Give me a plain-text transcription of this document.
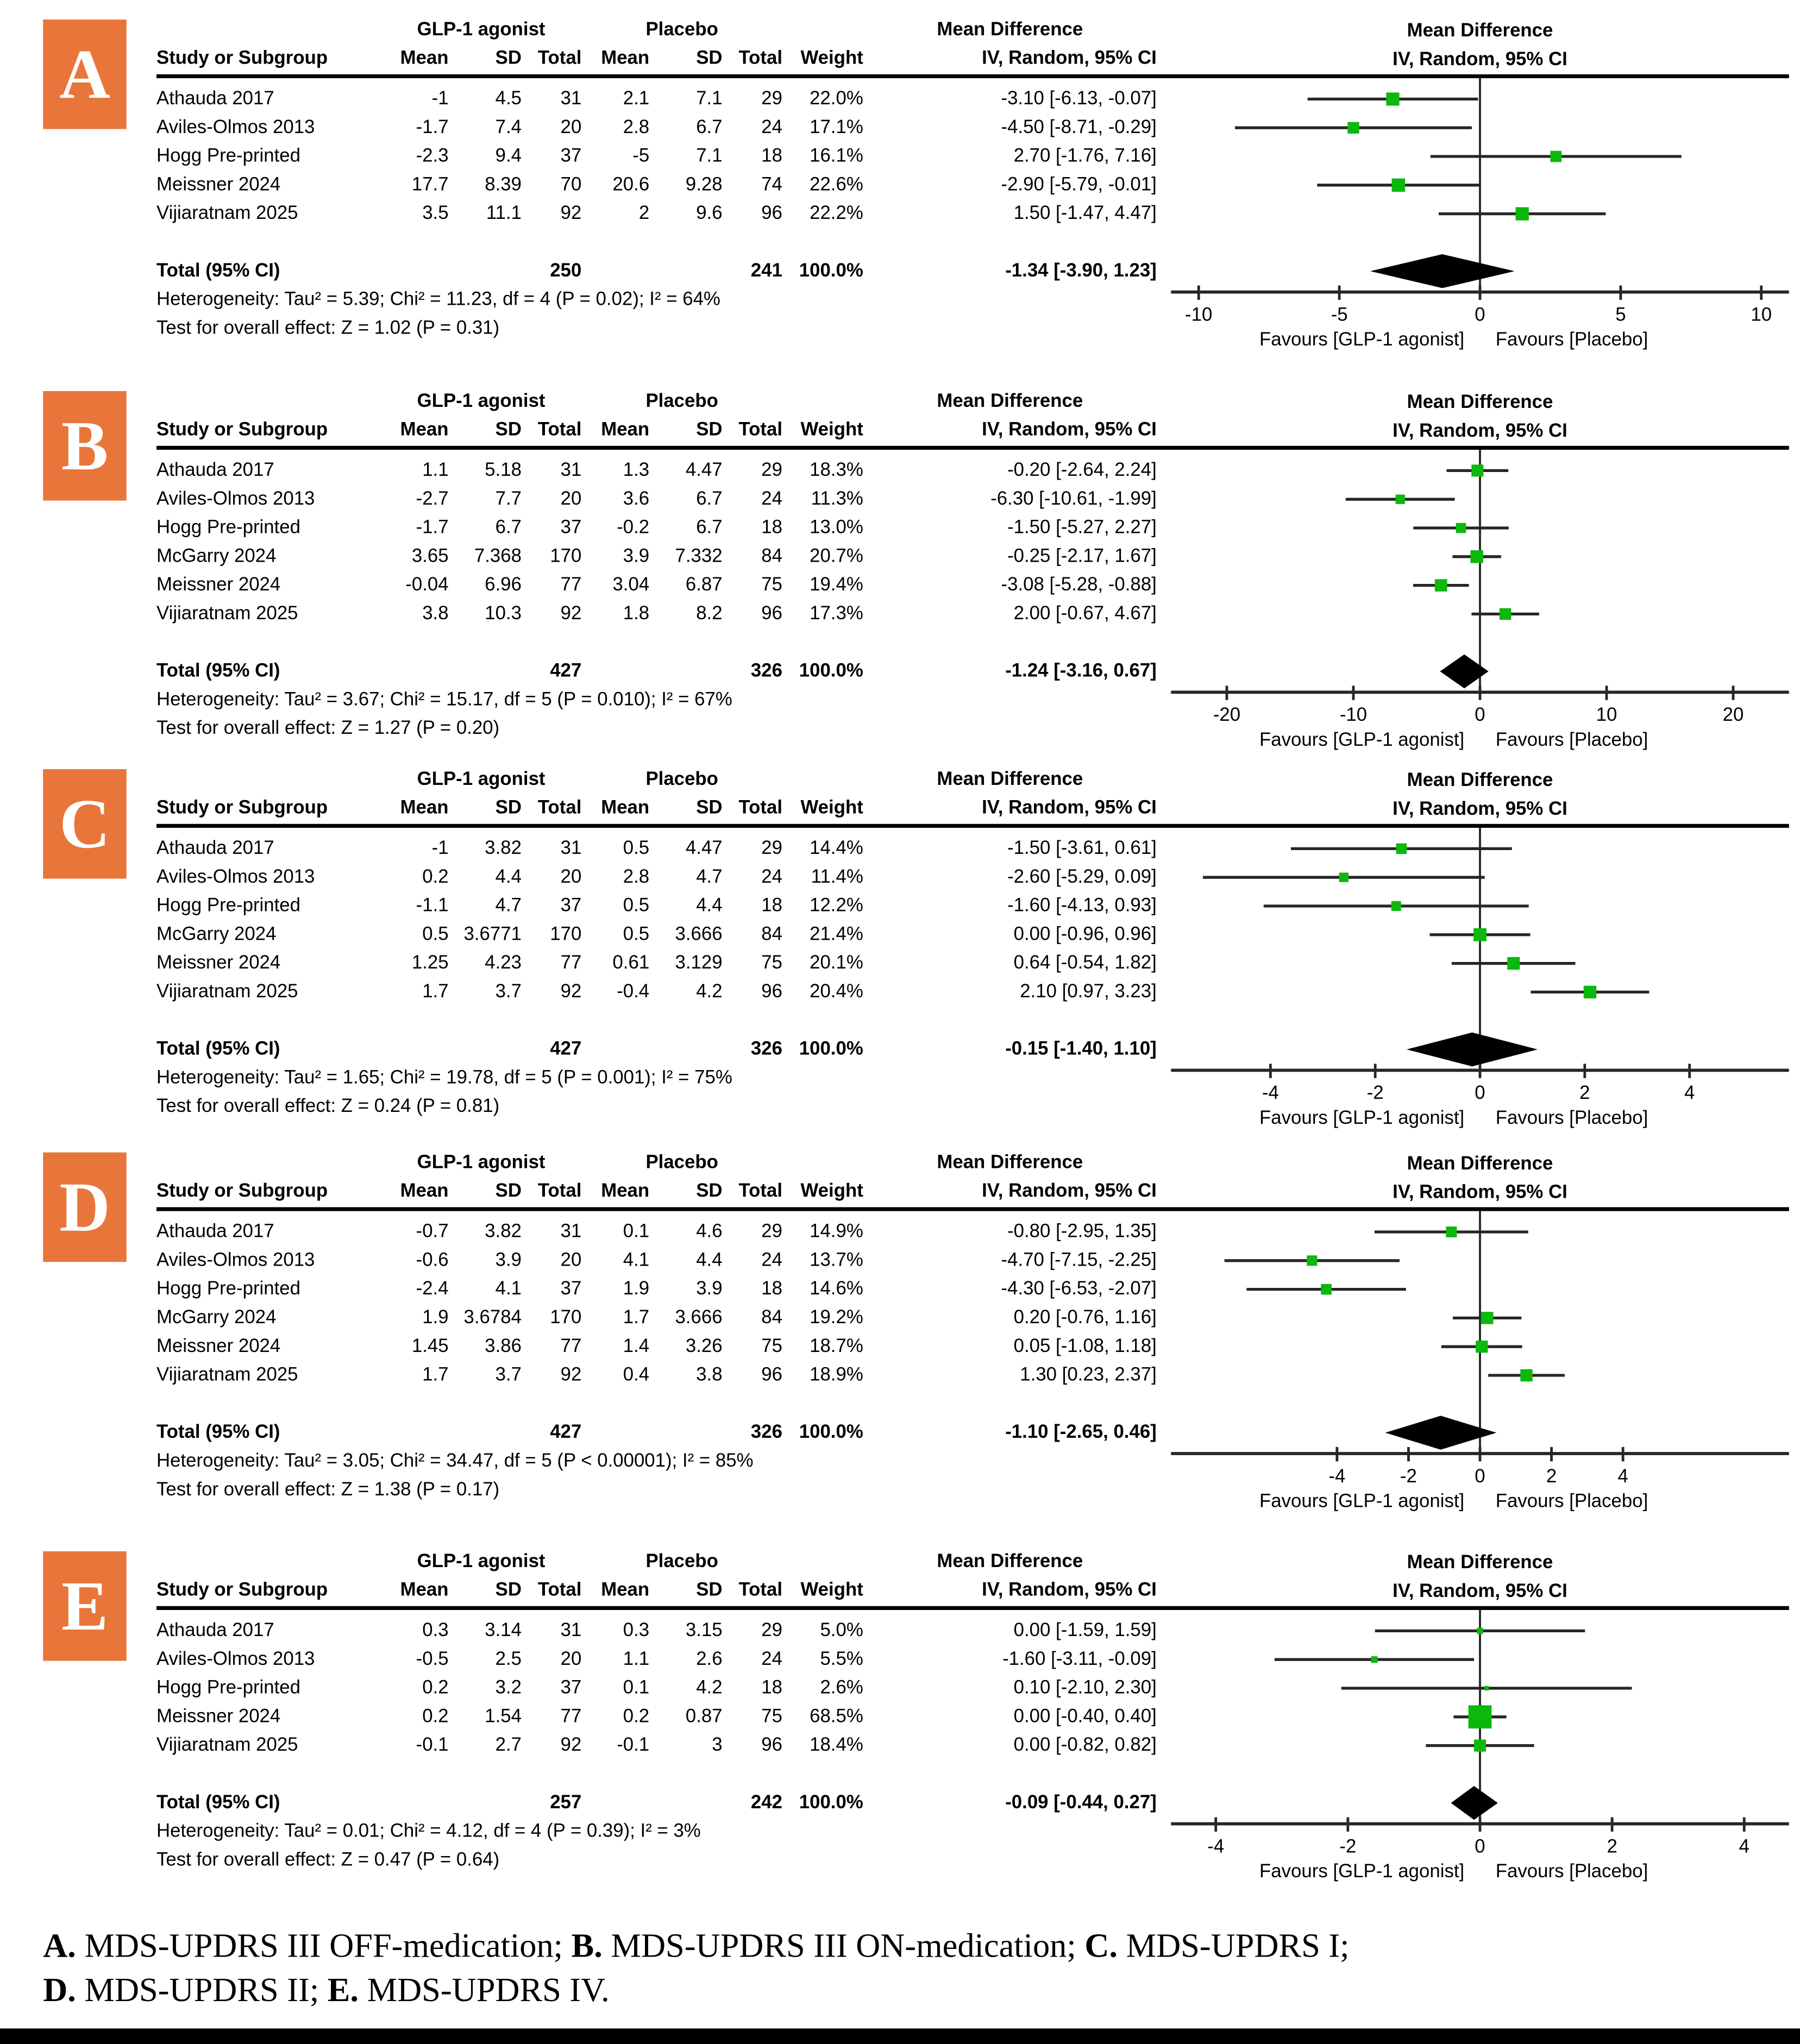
A
GLP-1 agonist	Placebo	Mean Difference
Study or Subgroup	Mean	SD	Total	Mean	SD	Total	Weight	IV, Random, 95% CI
Athauda 2017	-1	4.5	31	2.1	7.1	29	22.0%	-3.10 [-6.13, -0.07]
Aviles-Olmos 2013	-1.7	7.4	20	2.8	6.7	24	17.1%	-4.50 [-8.71, -0.29]
Hogg Pre-printed	-2.3	9.4	37	-5	7.1	18	16.1%	2.70 [-1.76, 7.16]
Meissner 2024	17.7	8.39	70	20.6	9.28	74	22.6%	-2.90 [-5.79, -0.01]
Vijiaratnam 2025	3.5	11.1	92	2	9.6	96	22.2%	1.50 [-1.47, 4.47]
Total (95% CI)	250	241	100.0%	-1.34 [-3.90, 1.23]
Heterogeneity: Tau² = 5.39; Chi² = 11.23, df = 4 (P = 0.02); I² = 64%
Test for overall effect: Z = 1.02 (P = 0.31)
Mean Difference
IV, Random, 95% CI
-10	-5	0	5	10
Favours [GLP-1 agonist]	Favours [Placebo]
B
GLP-1 agonist	Placebo	Mean Difference
Study or Subgroup	Mean	SD	Total	Mean	SD	Total	Weight	IV, Random, 95% CI
Athauda 2017	1.1	5.18	31	1.3	4.47	29	18.3%	-0.20 [-2.64, 2.24]
Aviles-Olmos 2013	-2.7	7.7	20	3.6	6.7	24	11.3%	-6.30 [-10.61, -1.99]
Hogg Pre-printed	-1.7	6.7	37	-0.2	6.7	18	13.0%	-1.50 [-5.27, 2.27]
McGarry 2024	3.65	7.368	170	3.9	7.332	84	20.7%	-0.25 [-2.17, 1.67]
Meissner 2024	-0.04	6.96	77	3.04	6.87	75	19.4%	-3.08 [-5.28, -0.88]
Vijiaratnam 2025	3.8	10.3	92	1.8	8.2	96	17.3%	2.00 [-0.67, 4.67]
Total (95% CI)	427	326	100.0%	-1.24 [-3.16, 0.67]
Heterogeneity: Tau² = 3.67; Chi² = 15.17, df = 5 (P = 0.010); I² = 67%
Test for overall effect: Z = 1.27 (P = 0.20)
Mean Difference
IV, Random, 95% CI
-20	-10	0	10	20
Favours [GLP-1 agonist]	Favours [Placebo]
C
GLP-1 agonist	Placebo	Mean Difference
Study or Subgroup	Mean	SD	Total	Mean	SD	Total	Weight	IV, Random, 95% CI
Athauda 2017	-1	3.82	31	0.5	4.47	29	14.4%	-1.50 [-3.61, 0.61]
Aviles-Olmos 2013	0.2	4.4	20	2.8	4.7	24	11.4%	-2.60 [-5.29, 0.09]
Hogg Pre-printed	-1.1	4.7	37	0.5	4.4	18	12.2%	-1.60 [-4.13, 0.93]
McGarry 2024	0.5	3.6771	170	0.5	3.666	84	21.4%	0.00 [-0.96, 0.96]
Meissner 2024	1.25	4.23	77	0.61	3.129	75	20.1%	0.64 [-0.54, 1.82]
Vijiaratnam 2025	1.7	3.7	92	-0.4	4.2	96	20.4%	2.10 [0.97, 3.23]
Total (95% CI)	427	326	100.0%	-0.15 [-1.40, 1.10]
Heterogeneity: Tau² = 1.65; Chi² = 19.78, df = 5 (P = 0.001); I² = 75%
Test for overall effect: Z = 0.24 (P = 0.81)
Mean Difference
IV, Random, 95% CI
-4	-2	0	2	4
Favours [GLP-1 agonist]	Favours [Placebo]
D
GLP-1 agonist	Placebo	Mean Difference
Study or Subgroup	Mean	SD	Total	Mean	SD	Total	Weight	IV, Random, 95% CI
Athauda 2017	-0.7	3.82	31	0.1	4.6	29	14.9%	-0.80 [-2.95, 1.35]
Aviles-Olmos 2013	-0.6	3.9	20	4.1	4.4	24	13.7%	-4.70 [-7.15, -2.25]
Hogg Pre-printed	-2.4	4.1	37	1.9	3.9	18	14.6%	-4.30 [-6.53, -2.07]
McGarry 2024	1.9	3.6784	170	1.7	3.666	84	19.2%	0.20 [-0.76, 1.16]
Meissner 2024	1.45	3.86	77	1.4	3.26	75	18.7%	0.05 [-1.08, 1.18]
Vijiaratnam 2025	1.7	3.7	92	0.4	3.8	96	18.9%	1.30 [0.23, 2.37]
Total (95% CI)	427	326	100.0%	-1.10 [-2.65, 0.46]
Heterogeneity: Tau² = 3.05; Chi² = 34.47, df = 5 (P < 0.00001); I² = 85%
Test for overall effect: Z = 1.38 (P = 0.17)
Mean Difference
IV, Random, 95% CI
-4	-2	0	2	4
Favours [GLP-1 agonist]	Favours [Placebo]
E
GLP-1 agonist	Placebo	Mean Difference
Study or Subgroup	Mean	SD	Total	Mean	SD	Total	Weight	IV, Random, 95% CI
Athauda 2017	0.3	3.14	31	0.3	3.15	29	5.0%	0.00 [-1.59, 1.59]
Aviles-Olmos 2013	-0.5	2.5	20	1.1	2.6	24	5.5%	-1.60 [-3.11, -0.09]
Hogg Pre-printed	0.2	3.2	37	0.1	4.2	18	2.6%	0.10 [-2.10, 2.30]
Meissner 2024	0.2	1.54	77	0.2	0.87	75	68.5%	0.00 [-0.40, 0.40]
Vijiaratnam 2025	-0.1	2.7	92	-0.1	3	96	18.4%	0.00 [-0.82, 0.82]
Total (95% CI)	257	242	100.0%	-0.09 [-0.44, 0.27]
Heterogeneity: Tau² = 0.01; Chi² = 4.12, df = 4 (P = 0.39); I² = 3%
Test for overall effect: Z = 0.47 (P = 0.64)
Mean Difference
IV, Random, 95% CI
-4	-2	0	2	4
Favours [GLP-1 agonist]	Favours [Placebo]
A. MDS-UPDRS III OFF-medication; B. MDS-UPDRS III ON-medication; C. MDS-UPDRS I;
D. MDS-UPDRS II; E. MDS-UPDRS IV.
